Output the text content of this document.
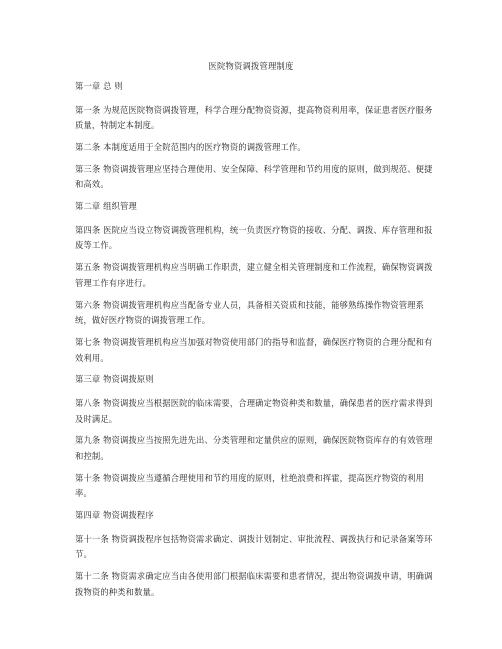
医院物资调拨管理制度

第一章 总 则

第一条 为规范医院物资调拨管理，科学合理分配物资资源，提高物资利用率，保证患者医疗服务质量，特制定本制度。

第二条 本制度适用于全院范围内的医疗物资的调拨管理工作。

第三条 物资调拨管理应坚持合理使用、安全保障、科学管理和节约用度的原则，做到规范、便捷和高效。

第二章 组织管理

第四条 医院应当设立物资调拨管理机构，统一负责医疗物资的接收、分配、调拨、库存管理和报废等工作。

第五条 物资调拨管理机构应当明确工作职责，建立健全相关管理制度和工作流程，确保物资调拨管理工作有序进行。

第六条 物资调拨管理机构应当配备专业人员，具备相关资质和技能，能够熟练操作物资管理系统，做好医疗物资的调拨管理工作。

第七条 物资调拨管理机构应当加强对物资使用部门的指导和监督，确保医疗物资的合理分配和有效利用。

第三章 物资调拨原则

第八条 物资调拨应当根据医院的临床需要，合理确定物资种类和数量，确保患者的医疗需求得到及时满足。

第九条 物资调拨应当按照先进先出、分类管理和定量供应的原则，确保医院物资库存的有效管理和控制。

第十条 物资调拨应当遵循合理使用和节约用度的原则，杜绝浪费和挥霍，提高医疗物资的利用率。

第四章 物资调拨程序

第十一条 物资调拨程序包括物资需求确定、调拨计划制定、审批流程、调拨执行和记录备案等环节。

第十二条 物资需求确定应当由各使用部门根据临床需要和患者情况，提出物资调拨申请，明确调拨物资的种类和数量。
